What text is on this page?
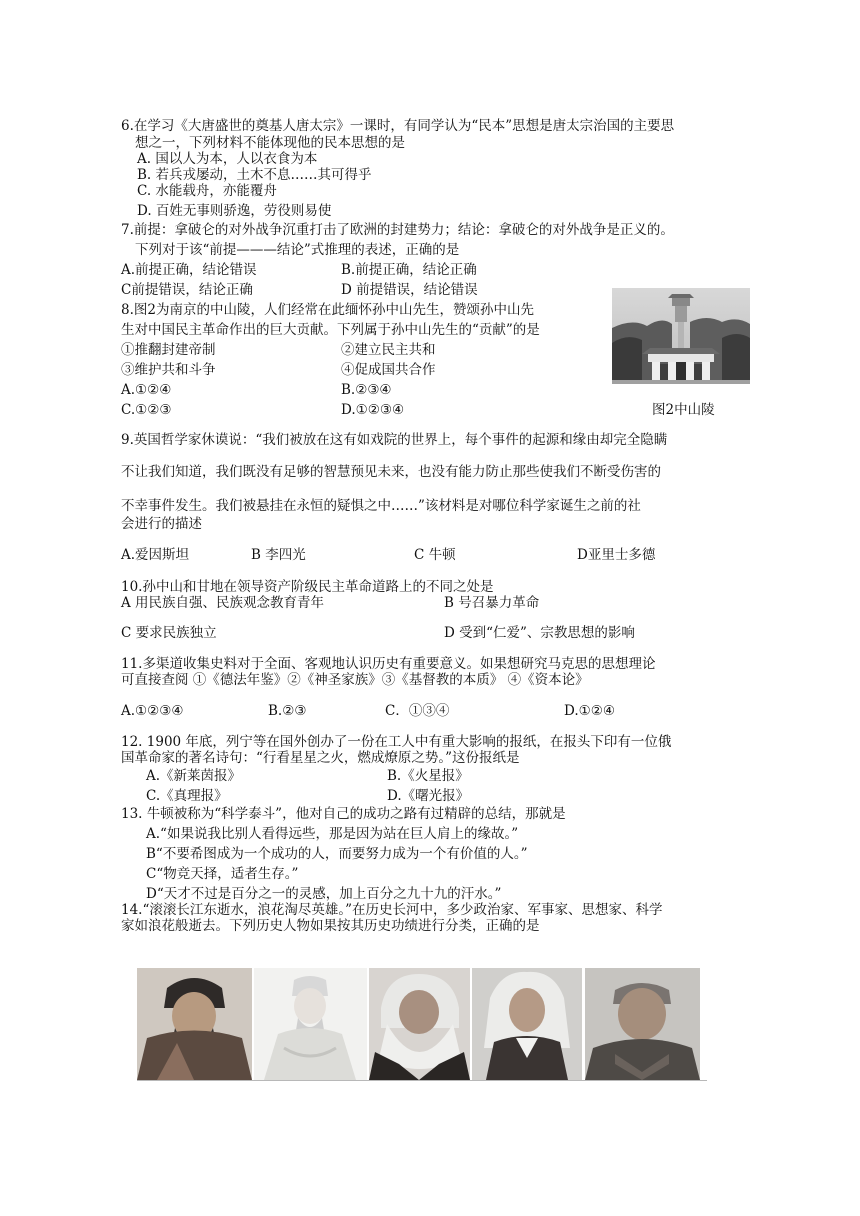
6.在学习《大唐盛世的奠基人唐太宗》一课时，有同学认为“民本”思想是唐太宗治国的主要思
想之一，下列材料不能体现他的民本思想的是
A. 国以人为本，人以衣食为本
B. 若兵戎屡动，土木不息……其可得乎
C. 水能载舟，亦能覆舟
D. 百姓无事则骄逸，劳役则易使
7.前提：拿破仑的对外战争沉重打击了欧洲的封建势力；结论：拿破仑的对外战争是正义的。
下列对于该“前提———结论”式推理的表述，正确的是
A.前提正确，结论错误	B.前提正确，结论正确
C前提错误，结论正确	D 前提错误，结论错误
8.图2为南京的中山陵，人们经常在此缅怀孙中山先生，赞颂孙中山先
生对中国民主革命作出的巨大贡献。下列属于孙中山先生的“贡献”的是
①推翻封建帝制	②建立民主共和
③维护共和斗争	④促成国共合作
A.①②④	B.②③④
C.①②③	D.①②③④	图2中山陵
9.英国哲学家休谟说：“我们被放在这有如戏院的世界上，每个事件的起源和缘由却完全隐瞒
不让我们知道，我们既没有足够的智慧预见未来，也没有能力防止那些使我们不断受伤害的
不幸事件发生。我们被悬挂在永恒的疑惧之中……”该材料是对哪位科学家诞生之前的社
会进行的描述
A.爱因斯坦	B 李四光	C 牛顿	D亚里士多德
10.孙中山和甘地在领导资产阶级民主革命道路上的不同之处是
A 用民族自强、民族观念教育青年	B 号召暴力革命
C 要求民族独立	D 受到“仁爱”、宗教思想的影响
11.多渠道收集史料对于全面、客观地认识历史有重要意义。如果想研究马克思的思想理论
可直接查阅 ①《德法年鉴》②《神圣家族》③《基督教的本质》 ④《资本论》
A.①②③④	B.②③	C．①③④	D.①②④
12. 1900 年底，列宁等在国外创办了一份在工人中有重大影响的报纸，在报头下印有一位俄
国革命家的著名诗句：“行看星星之火，燃成燎原之势。”这份报纸是
A.《新莱茵报》	B.《火星报》
C.《真理报》	D.《曙光报》
13. 牛顿被称为“科学泰斗”，他对自己的成功之路有过精辟的总结，那就是
A.“如果说我比别人看得远些，那是因为站在巨人肩上的缘故。”
B“不要希图成为一个成功的人，而要努力成为一个有价值的人。”
C“物竞天择，适者生存。”
D“天才不过是百分之一的灵感，加上百分之九十九的汗水。”
14.“滚滚长江东逝水，浪花淘尽英雄。”在历史长河中，多少政治家、军事家、思想家、科学
家如浪花般逝去。下列历史人物如果按其历史功绩进行分类，正确的是
